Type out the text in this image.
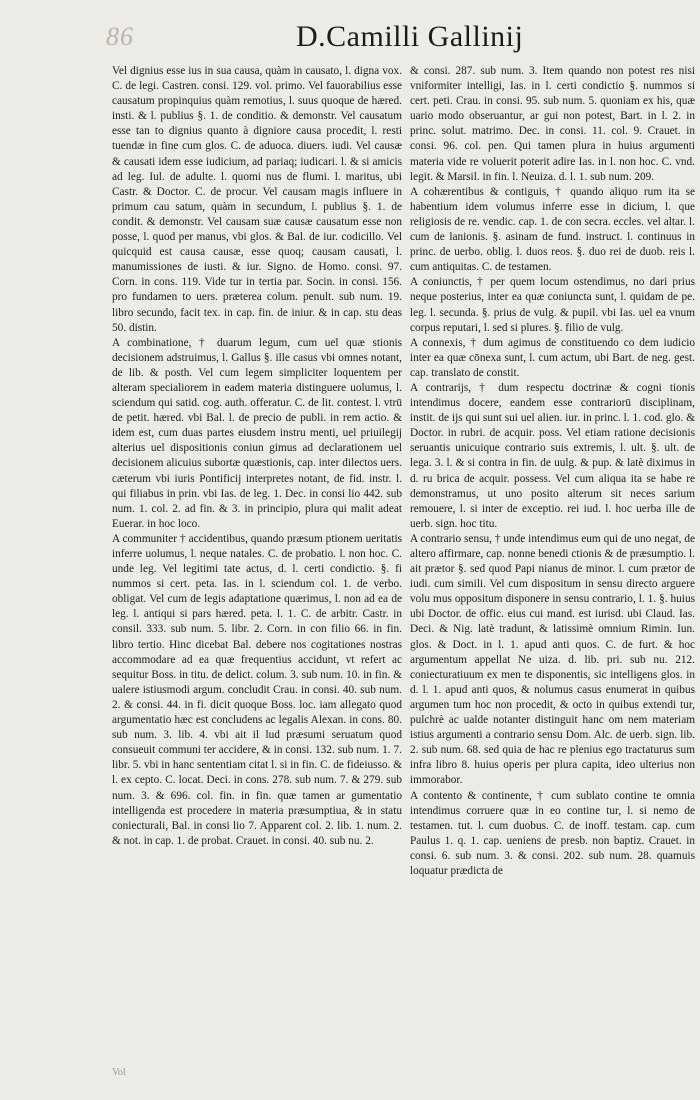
86	D.Camilli Gallinij
Vel dignius esse ius in sua causa, quàm in causato, l. digna vox. C. de legi. Castren. consi. 129. vol. primo. Vel fauorabilius esse causatum propinquius quàm remotius, l. suus quoque de hæred. insti. & l. publius §. 1. de conditio. & demonstr. Vel causatum esse tan to dignius quanto à digniore causa procedit, l. resti tuendæ in fine cum glos. C. de aduoca. diuers. iudi. Vel causæ & causati idem esse iudicium, ad pariaq; iudicari. l. & si amicis ad leg. Iul. de adulte. l. quomi nus de flumi. l. maritus, ubi Castr. & Doctor. C. de procur. Vel causam magis influere in primum cau satum, quàm in secundum, l. publius §. 1. de condit. & demonstr. Vel causam suæ causæ causatum esse non posse, l. quod per manus, vbi glos. & Bal. de iur. codicillo. Vel quicquid est causa causæ, esse quoq; causam causati, l. manumissiones de iusti. & iur. Signo. de Homo. consi. 97. Corn. in cons. 119. Vide tur in tertia par. Socin. in consi. 156. pro fundamen to uers. præterea colum. penult. sub num. 19. libro secundo, facit tex. in cap. fin. de iniur. & in cap. stu deas 50. distin.
A combinatione, † duarum legum, cum uel quæ stionis decisionem adstruimus, l. Gallus §. ille casus vbi omnes notant, de lib. & posth. Vel cum legem simpliciter loquentem per alteram specialiorem in eadem materia distinguere uolumus, l. sciendum qui satid. cog. auth. offeratur. C. de lit. contest. l. vtrū de petit. hæred. vbi Bal. l. de precio de publi. in rem actio. & idem est, cum duas partes eiusdem instru menti, uel priuilegij alterius uel dispositionis coniun gimus ad declarationem uel decisionem alicuius subortæ quæstionis, cap. inter dilectos uers. cæterum vbi iuris Pontificij interpretes notant, de fid. instr. l. qui filiabus in prin. vbi Ias. de leg. 1. Dec. in consi lio 442. sub num. 1. col. 2. ad fin. & 3. in principio, plura qui malit adeat Euerar. in hoc loco.
A communiter † accidentibus, quando præsum ptionem ueritatis inferre uolumus, l. neque natales. C. de probatio. l. non hoc. C. unde leg. Vel legitimi tate actus, d. l. certi condictio. §. fi nummos si cert. peta. Ias. in l. sciendum col. 1. de verbo. obligat. Vel cum de legis adaptatione quærimus, l. non ad ea de leg. l. antiqui si pars hæred. peta. l. 1. C. de arbitr. Castr. in consil. 333. sub num. 5. libr. 2. Corn. in con filio 66. in fin. libro tertio. Hinc dicebat Bal. debere nos cogitationes nostras accommodare ad ea quæ frequentius accidunt, vt refert ac sequitur Boss. in titu. de delict. colum. 3. sub num. 10. in fin. & ualere istiusmodi argum. concludit Crau. in consi. 40. sub num. 2. & consi. 44. in fi. dicit quoque Boss. loc. iam allegato quod argumentatio hæc est concludens ac legalis Alexan. in cons. 80. sub num. 3. lib. 4. vbi ait il lud præsumi seruatum quod consueuit communi ter accidere, & in consi. 132. sub num. 1. 7. libr. 5. vbi in hanc sententiam citat l. si in fin. C. de fideiusso. & l. ex cepto. C. locat. Deci. in cons. 278. sub num. 7. & 279. sub num. 3. & 696. col. fin. in fin. quæ tamen ar gumentatio intelligenda est procedere in materia præsumptiua, & in statu coniecturali, Bal. in consi lio 7. Apparent col. 2. lib. 1. num. 2. & not. in cap. 1. de probat. Crauet. in consi. 40. sub nu. 2.
& consi. 287. sub num. 3. Item quando non potest res nisi vniformiter intelligi, Ias. in l. certi condictio §. nummos si cert. peti. Crau. in consi. 95. sub num. 5. quoniam ex his, quæ uario modo obseruantur, ar gui non potest, Bart. in l. 2. in princ. solut. matrimo. Dec. in consi. 11. col. 9. Crauet. in consi. 96. col. pen. Qui tamen plura in huius argumenti materia vide re voluerit poterit adire Ias. in l. non hoc. C. vnd. legit. & Marsil. in fin. l. Neuiza. d. l. 1. sub num. 209.
A cohærentibus & contiguis, † quando aliquo rum ita se habentium idem volumus inferre esse in dicium, l. que religiosis de re. vendic. cap. 1. de con secra. eccles. vel altar. l. cum de lanionis. §. asinam de fund. instruct. l. continuus in princ. de uerbo. oblig. l. duos reos. §. duo rei de duob. reis l. cum antiquitas. C. de testamen.
A coniunctis, † per quem locum ostendimus, no dari prius neque posterius, inter ea quæ coniuncta sunt, l. quidam de pe. leg. l. secunda. §. prius de vulg. & pupil. vbi Ias. uel ea vnum corpus reputari, l. sed si plures. §. filio de vulg.
A connexis, † dum agimus de constituendo co dem iudicio inter ea quæ cōnexa sunt, l. cum actum, ubi Bart. de neg. gest. cap. translato de constit.
A contrarijs, † dum respectu doctrinæ & cogni tionis intendimus docere, eandem esse contrariorū disciplinam, instit. de ijs qui sunt sui uel alien. iur. in princ. l. 1. cod. glo. & Doctor. in rubri. de acquir. poss. Vel etiam ratione decisionis seruantis unicuique contrario suis extremis, l. ult. §. ult. de lega. 3. l. & si contra in fin. de uulg. & pup. & latè diximus in d. ru brica de acquir. possess. Vel cum aliqua ita se habe re demonstramus, ut uno posito alterum sit neces sarium remouere, l. si inter de exceptio. rei iud. l. hoc uerba ille de uerb. sign. hoc titu.
A contrario sensu, † unde intendimus eum qui de uno negat, de altero affirmare, cap. nonne benedi ctionis & de præsumptio. l. ait prætor §. sed quod Papi nianus de minor. l. cum prætor de iudi. cum simili. Vel cum dispositum in sensu directo arguere volu mus oppositum disponere in sensu contrario, l. 1. §. huius ubi Doctor. de offic. eius cui mand. est iurisd. ubi Claud. Ias. Deci. & Nig. latè tradunt, & latissimè omnium Rimin. Iun. glos. & Doct. in l. 1. apud anti quos. C. de furt. & hoc argumentum appellat Ne uiza. d. lib. pri. sub nu. 212. coniecturatiuum ex men te disponentis, sic intelligens glos. in d. l. 1. apud anti quos, & nolumus casus enumerat in quibus argumen tum hoc non procedit, & octo in quibus extendi tur, pulchrè ac ualde notanter distinguit hanc om nem materiam istius argumenti a contrario sensu Dom. Alc. de uerb. sign. lib. 2. sub num. 68. sed quia de hac re plenius ego tractaturus sum infra libro 8. huius operis per plura capita, ideo ulterius non immorabor.
A contento & continente, † cum sublato contine te omnia intendimus corruere quæ in eo contine tur, l. si nemo de testamen. tut. l. cum duobus. C. de inoff. testam. cap. cum Paulus 1. q. 1. cap. ueniens de presb. non baptiz. Crauet. in consi. 6. sub num. 3. & consi. 202. sub num. 28. quamuis loquatur prædicta de
Vol
